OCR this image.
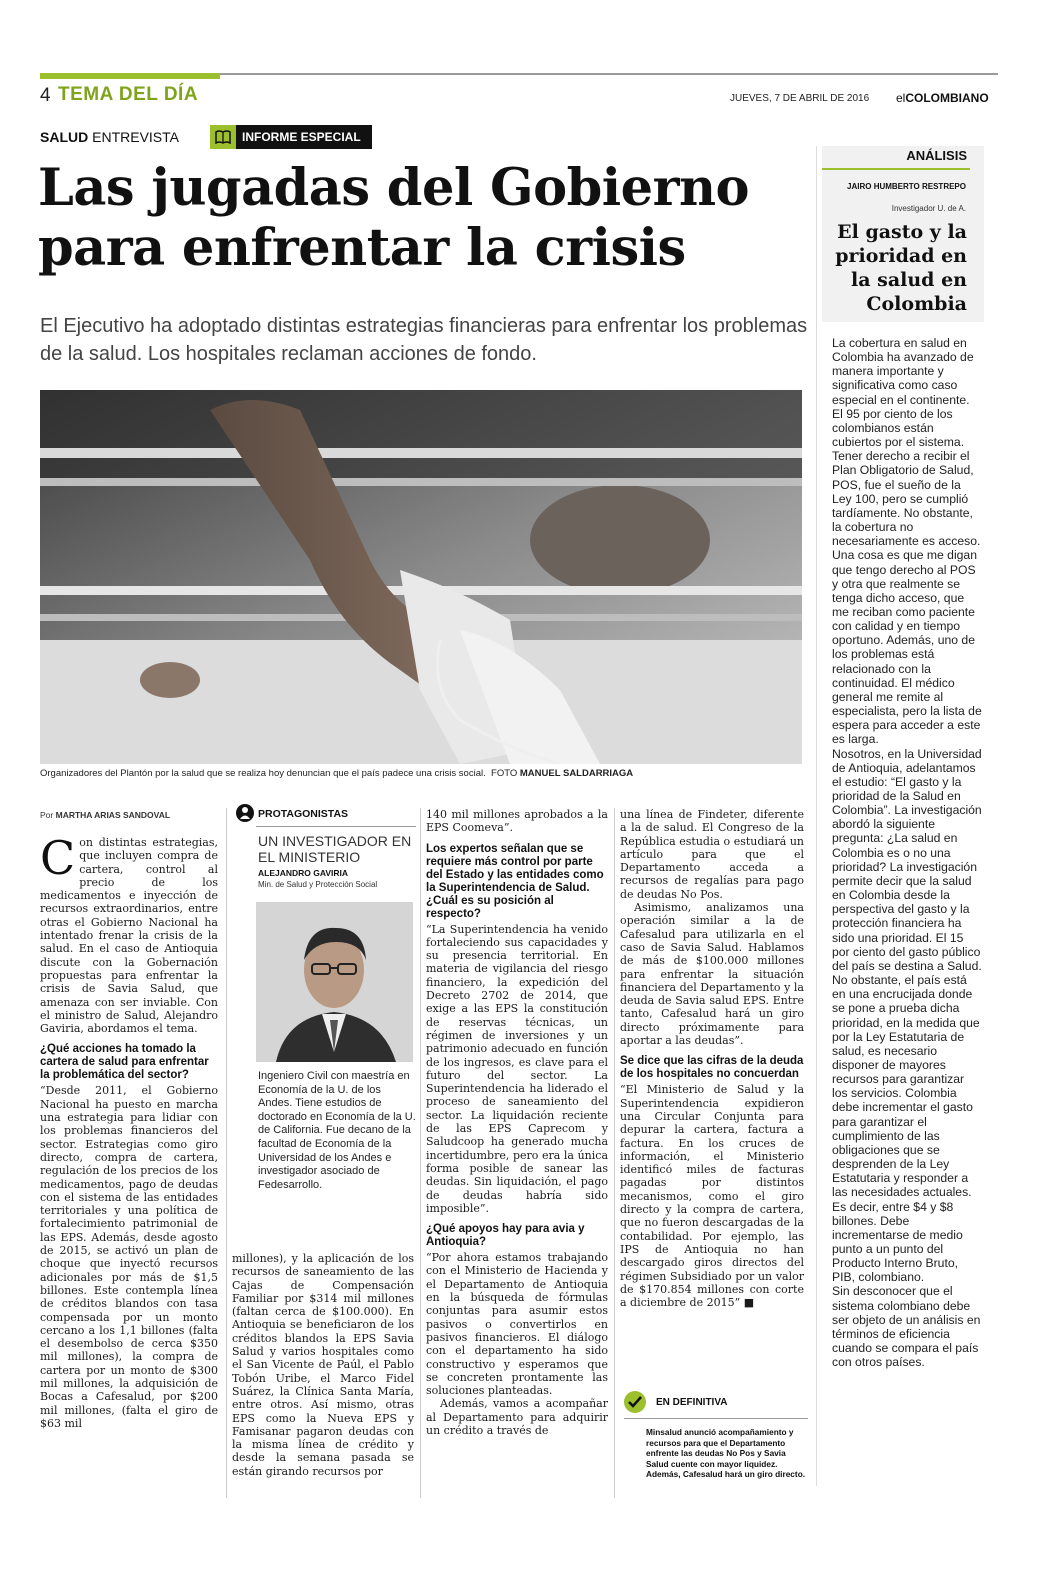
4 TEMA DEL DÍA	JUEVES, 7 DE ABRIL DE 2016 elCOLOMBIANO
SALUD ENTREVISTA	INFORME ESPECIAL
Las jugadas del Gobierno
para enfrentar la crisis
El Ejecutivo ha adoptado distintas estrategias financieras para enfrentar los problemas de la salud. Los hospitales reclaman acciones de fondo.
Organizadores del Plantón por la salud que se realiza hoy denuncian que el país padece una crisis social. FOTO MANUEL SALDARRIAGA
Por MARTHA ARIAS SANDOVAL

Con distintas estrategias, que incluyen compra de cartera, control al precio de los medicamentos e inyección de recursos extraordinarios, entre otras el Gobierno Nacional ha intentado frenar la crisis de la salud. En el caso de Antioquia discute con la Gobernación propuestas para enfrentar la crisis de Savia Salud, que amenaza con ser inviable. Con el ministro de Salud, Alejandro Gaviria, abordamos el tema.

¿Qué acciones ha tomado la cartera de salud para enfrentar la problemática del sector?

“Desde 2011, el Gobierno Nacional ha puesto en marcha una estrategia para lidiar con los problemas financieros del sector. Estrategias como giro directo, compra de cartera, regulación de los precios de los medicamentos, pago de deudas con el sistema de las entidades territoriales y una política de fortalecimiento patrimonial de las EPS. Además, desde agosto de 2015, se activó un plan de choque que inyectó recursos adicionales por más de $1,5 billones. Este contempla línea de créditos blandos con tasa compensada por un monto cercano a los 1,1 billones (falta el desembolso de cerca $350 mil millones), la compra de cartera por un monto de $300 mil millones, la adquisición de Bocas a Cafesalud, por $200 mil millones, (falta el giro de $63 mil

PROTAGONISTAS
UN INVESTIGADOR EN EL MINISTERIO
ALEJANDRO GAVIRIA
Min. de Salud y Protección Social
Ingeniero Civil con maestría en Economía de la U. de los Andes. Tiene estudios de doctorado en Economía de la U. de California. Fue decano de la facultad de Economía de la Universidad de los Andes e investigador asociado de Fedesarrollo.

millones), y la aplicación de los recursos de saneamiento de las Cajas de Compensación Familiar por $314 mil millones (faltan cerca de $100.000). En Antioquia se beneficiaron de los créditos blandos la EPS Savia Salud y varios hospitales como el San Vicente de Paúl, el Pablo Tobón Uribe, el Marco Fidel Suárez, la Clínica Santa María, entre otros. Así mismo, otras EPS como la Nueva EPS y Famisanar pagaron deudas con la misma línea de crédito y desde la semana pasada se están girando recursos por

140 mil millones aprobados a la EPS Coomeva”.

Los expertos señalan que se requiere más control por parte del Estado y las entidades como la Superintendencia de Salud. ¿Cuál es su posición al respecto?

“La Superintendencia ha venido fortaleciendo sus capacidades y su presencia territorial. En materia de vigilancia del riesgo financiero, la expedición del Decreto 2702 de 2014, que exige a las EPS la constitución de reservas técnicas, un régimen de inversiones y un patrimonio adecuado en función de los ingresos, es clave para el futuro del sector. La Superintendencia ha liderado el proceso de saneamiento del sector. La liquidación reciente de las EPS Caprecom y Saludcoop ha generado mucha incertidumbre, pero era la única forma posible de sanear las deudas. Sin liquidación, el pago de deudas habría sido imposible”.

¿Qué apoyos hay para avia y Antioquia?

“Por ahora estamos trabajando con el Ministerio de Hacienda y el Departamento de Antioquia en la búsqueda de fórmulas conjuntas para asumir estos pasivos o convertirlos en pasivos financieros. El diálogo con el departamento ha sido constructivo y esperamos que se concreten prontamente las soluciones planteadas.

Además, vamos a acompañar al Departamento para adquirir un crédito a través de

una línea de Findeter, diferente a la de salud. El Congreso de la República estudia o estudiará un artículo para que el Departamento acceda a recursos de regalías para pago de deudas No Pos.

Asimismo, analizamos una operación similar a la de Cafesalud para utilizarla en el caso de Savia Salud. Hablamos de más de $100.000 millones para enfrentar la situación financiera del Departamento y la deuda de Savia salud EPS. Entre tanto, Cafesalud hará un giro directo próximamente para aportar a las deudas”.

Se dice que las cifras de la deuda de los hospitales no concuerdan

“El Ministerio de Salud y la Superintendencia expidieron una Circular Conjunta para depurar la cartera, factura a factura. En los cruces de información, el Ministerio identificó miles de facturas pagadas por distintos mecanismos, como el giro directo y la compra de cartera, que no fueron descargadas de la contabilidad. Por ejemplo, las IPS de Antioquia no han descargado giros directos del régimen Subsidiado por un valor de $170.854 millones con corte a diciembre de 2015” ■

EN DEFINITIVA
Minsalud anunció acompañamiento y recursos para que el Departamento enfrente las deudas No Pos y Savia Salud cuente con mayor liquidez. Además, Cafesalud hará un giro directo.
ANÁLISIS
JAIRO HUMBERTO RESTREPO
Investigador U. de A.
El gasto y la prioridad en la salud en Colombia

La cobertura en salud en Colombia ha avanzado de manera importante y significativa como caso especial en el continente. El 95 por ciento de los colombianos están cubiertos por el sistema. Tener derecho a recibir el Plan Obligatorio de Salud, POS, fue el sueño de la Ley 100, pero se cumplió tardíamente. No obstante, la cobertura no necesariamente es acceso. Una cosa es que me digan que tengo derecho al POS y otra que realmente se tenga dicho acceso, que me reciban como paciente con calidad y en tiempo oportuno. Además, uno de los problemas está relacionado con la continuidad. El médico general me remite al especialista, pero la lista de espera para acceder a este es larga.

Nosotros, en la Universidad de Antioquia, adelantamos el estudio: “El gasto y la prioridad de la Salud en Colombia”. La investigación abordó la siguiente pregunta: ¿La salud en Colombia es o no una prioridad? La investigación permite decir que la salud en Colombia desde la perspectiva del gasto y la protección financiera ha sido una prioridad. El 15 por ciento del gasto público del país se destina a Salud.

No obstante, el país está en una encrucijada donde se pone a prueba dicha prioridad, en la medida que por la Ley Estatutaria de salud, es necesario disponer de mayores recursos para garantizar los servicios. Colombia debe incrementar el gasto para garantizar el cumplimiento de las obligaciones que se desprenden de la Ley Estatutaria y responder a las necesidades actuales. Es decir, entre $4 y $8 billones. Debe incrementarse de medio punto a un punto del Producto Interno Bruto, PIB, colombiano.

Sin desconocer que el sistema colombiano debe ser objeto de un análisis en términos de eficiencia cuando se compara el país con otros países.
